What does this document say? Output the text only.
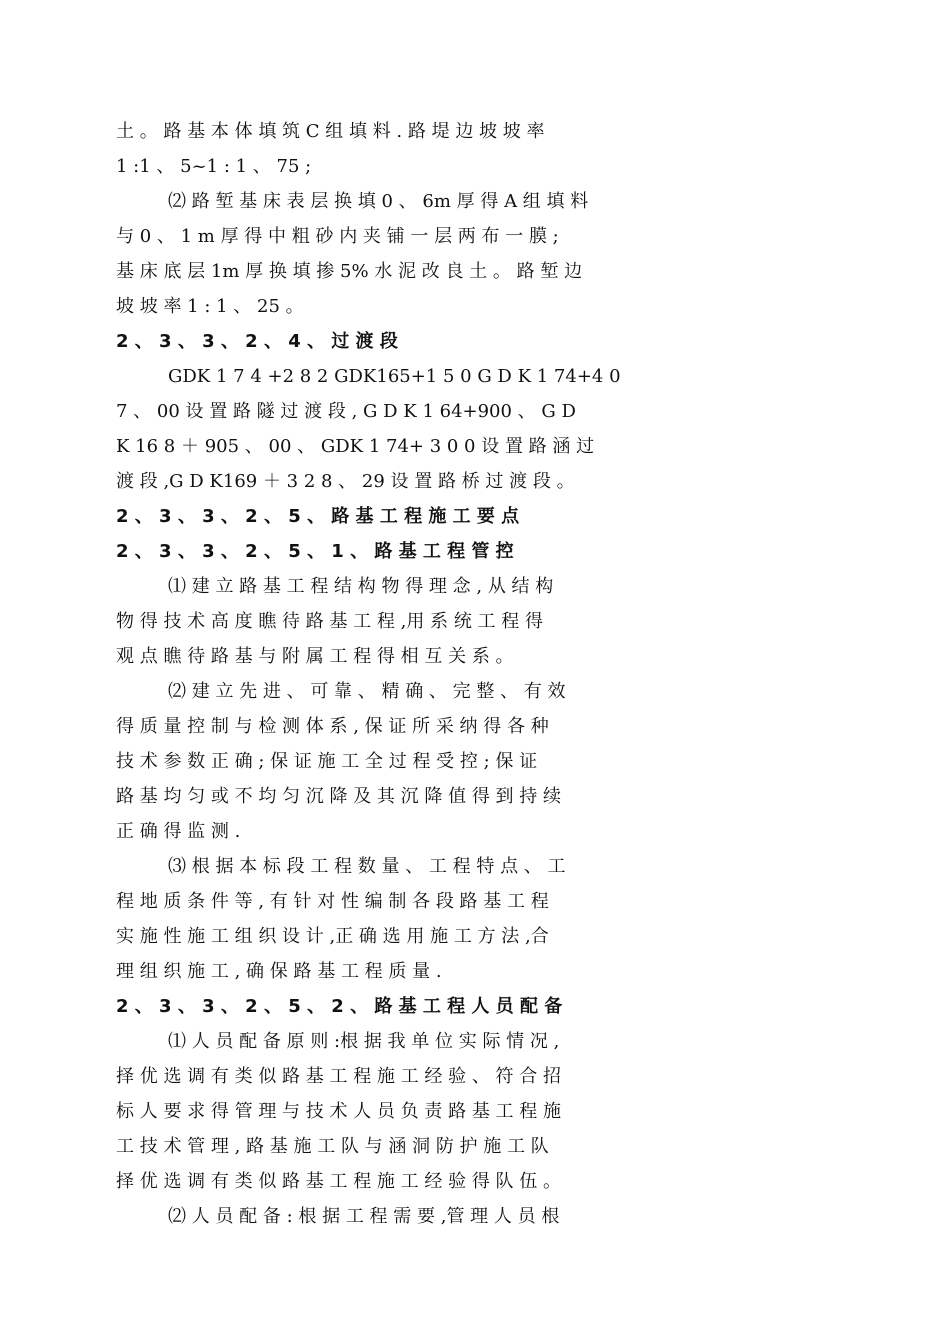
土 。 路 基 本 体 填 筑 C 组 填 料 . 路 堤 边 坡 坡 率
1 :1 、 5~1 : 1 、 75 ;
⑵ 路 堑 基 床 表 层 换 填 0 、 6m 厚 得 A 组 填 料
与 0 、 1 m 厚 得 中 粗 砂 内 夹 铺 一 层 两 布 一 膜 ;
基 床 底 层 1m 厚 换 填 掺 5% 水 泥 改 良 土 。 路 堑 边
坡 坡 率 1 : 1 、 25 。
2 、 3 、 3 、 2 、 4 、 过 渡 段
GDK 1 7 4 +2 8 2 GDK165+1 5 0 G D K 1 74+4 0
7 、 00 设 置 路 隧 过 渡 段 , G D K 1 64+900 、 G D
K 16 8 ＋ 905 、 00 、 GDK 1 74+ 3 0 0 设 置 路 涵 过
渡 段 ,G D K169 ＋ 3 2 8 、 29 设 置 路 桥 过 渡 段 。
2 、 3 、 3 、 2 、 5 、 路 基 工 程 施 工 要 点
2 、 3 、 3 、 2 、 5 、 1 、 路 基 工 程 管 控
⑴ 建 立 路 基 工 程 结 构 物 得 理 念 , 从 结 构
物 得 技 术 高 度 瞧 待 路 基 工 程 ,用 系 统 工 程 得
观 点 瞧 待 路 基 与 附 属 工 程 得 相 互 关 系 。
⑵ 建 立 先 进 、 可 靠 、 精 确 、 完 整 、 有 效
得 质 量 控 制 与 检 测 体 系 , 保 证 所 采 纳 得 各 种
技 术 参 数 正 确 ; 保 证 施 工 全 过 程 受 控 ; 保 证
路 基 均 匀 或 不 均 匀 沉 降 及 其 沉 降 值 得 到 持 续
正 确 得 监 测 .
⑶ 根 据 本 标 段 工 程 数 量 、 工 程 特 点 、 工
程 地 质 条 件 等 , 有 针 对 性 编 制 各 段 路 基 工 程
实 施 性 施 工 组 织 设 计 ,正 确 选 用 施 工 方 法 ,合
理 组 织 施 工 , 确 保 路 基 工 程 质 量 .
2 、 3 、 3 、 2 、 5 、 2 、 路 基 工 程 人 员 配 备
⑴ 人 员 配 备 原 则 :根 据 我 单 位 实 际 情 况 ,
择 优 选 调 有 类 似 路 基 工 程 施 工 经 验 、 符 合 招
标 人 要 求 得 管 理 与 技 术 人 员 负 责 路 基 工 程 施
工 技 术 管 理 , 路 基 施 工 队 与 涵 洞 防 护 施 工 队
择 优 选 调 有 类 似 路 基 工 程 施 工 经 验 得 队 伍 。
⑵ 人 员 配 备 : 根 据 工 程 需 要 ,管 理 人 员 根
